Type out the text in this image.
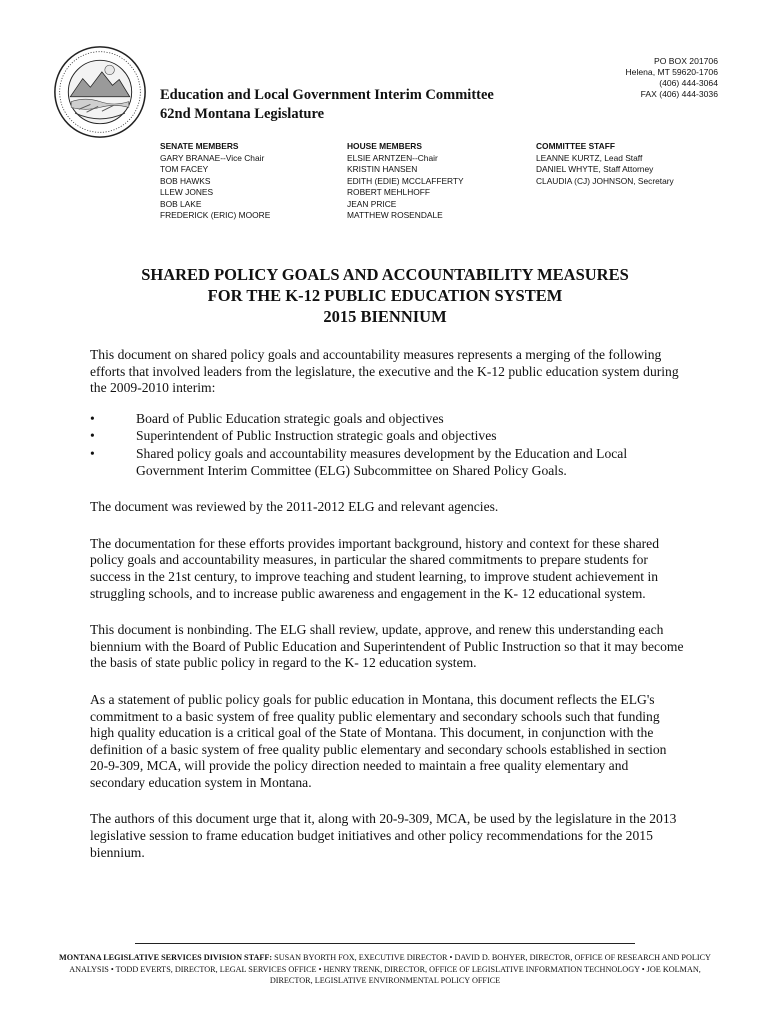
PO BOX 201706
Helena, MT 59620-1706
(406) 444-3064
FAX (406) 444-3036
Education and Local Government Interim Committee
62nd Montana Legislature
SENATE MEMBERS
GARY BRANAE--Vice Chair
TOM FACEY
BOB HAWKS
LLEW JONES
BOB LAKE
FREDERICK (ERIC) MOORE
HOUSE MEMBERS
ELSIE ARNTZEN--Chair
KRISTIN HANSEN
EDITH (EDIE) MCCLAFFERTY
ROBERT MEHLHOFF
JEAN PRICE
MATTHEW ROSENDALE
COMMITTEE STAFF
LEANNE KURTZ, Lead Staff
DANIEL WHYTE, Staff Attorney
CLAUDIA (CJ) JOHNSON, Secretary
SHARED POLICY GOALS AND ACCOUNTABILITY MEASURES
FOR THE K-12 PUBLIC EDUCATION SYSTEM
2015 BIENNIUM

This document on shared policy goals and accountability measures represents a merging of the following efforts that involved leaders from the legislature, the executive and the K-12 public education system during the 2009-2010 interim:

•	Board of Public Education strategic goals and objectives
•	Superintendent of Public Instruction strategic goals and objectives
•	Shared policy goals and accountability measures development by the Education and Local Government Interim Committee (ELG) Subcommittee on Shared Policy Goals.

The document was reviewed by the 2011-2012 ELG and relevant agencies.

The documentation for these efforts provides important background, history and context for these shared policy goals and accountability measures, in particular the shared commitments to prepare students for success in the 21st century, to improve teaching and student learning, to improve student achievement in struggling schools, and to increase public awareness and engagement in the K- 12 educational system.

This document is nonbinding. The ELG shall review, update, approve, and renew this understanding each biennium with the Board of Public Education and Superintendent of Public Instruction so that it may become the basis of state public policy in regard to the K- 12 education system.

As a statement of public policy goals for public education in Montana, this document reflects the ELG's commitment to a basic system of free quality public elementary and secondary schools such that funding high quality education is a critical goal of the State of Montana. This document, in conjunction with the definition of a basic system of free quality public elementary and secondary schools established in section 20-9-309, MCA, will provide the policy direction needed to maintain a free quality elementary and secondary education system in Montana.

The authors of this document urge that it, along with 20-9-309, MCA, be used by the legislature in the 2013 legislative session to frame education budget initiatives and other policy recommendations for the 2015 biennium.

MONTANA LEGISLATIVE SERVICES DIVISION STAFF: SUSAN BYORTH FOX, EXECUTIVE DIRECTOR • DAVID D. BOHYER, DIRECTOR, OFFICE OF RESEARCH AND POLICY ANALYSIS • TODD EVERTS, DIRECTOR, LEGAL SERVICES OFFICE • HENRY TRENK, DIRECTOR, OFFICE OF LEGISLATIVE INFORMATION TECHNOLOGY • JOE KOLMAN, DIRECTOR, LEGISLATIVE ENVIRONMENTAL POLICY OFFICE
